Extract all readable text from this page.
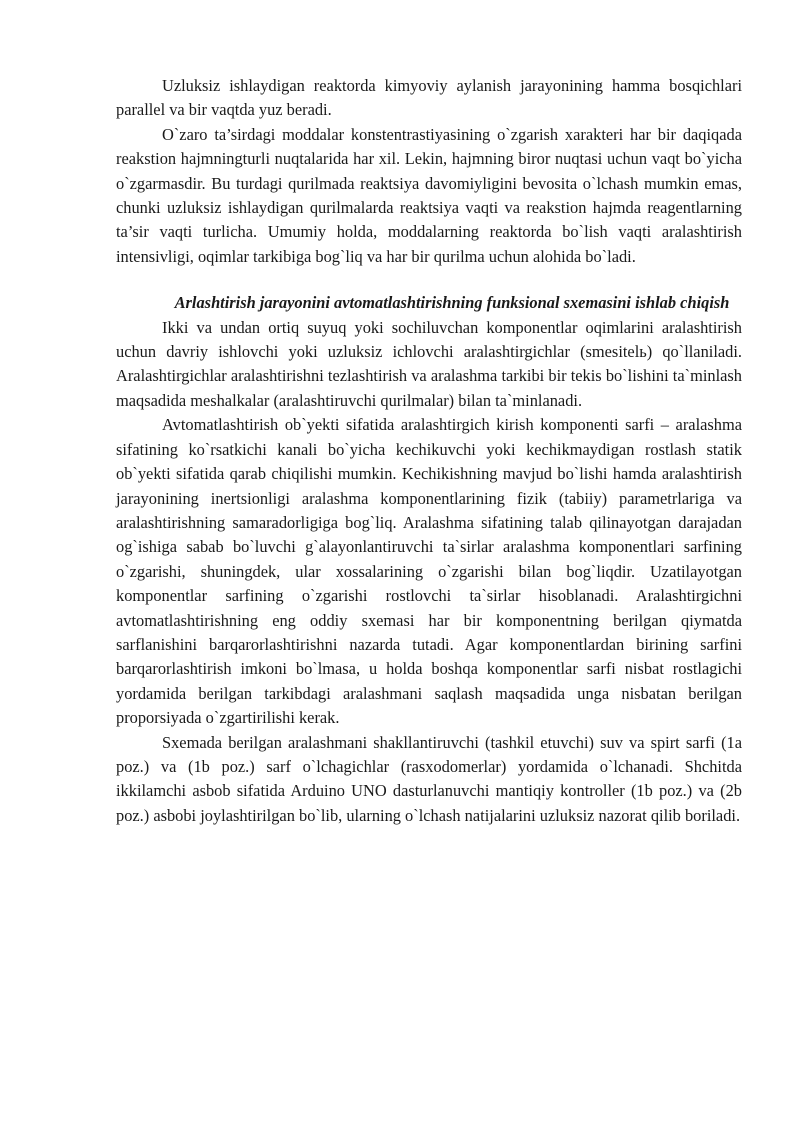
Uzluksiz ishlaydigan reaktorda kimyoviy aylanish jarayonining hamma bosqichlari parallel va bir vaqtda yuz beradi.

O`zaro ta’sirdagi moddalar konstentrastiyasining o`zgarish xarakteri har bir daqiqada reakstion hajmningturli nuqtalarida har xil. Lekin, hajmning biror nuqtasi uchun vaqt bo`yicha o`zgarmasdir. Bu turdagi qurilmada reaktsiya davomiyligini bevosita o`lchash mumkin emas, chunki uzluksiz ishlaydigan qurilmalarda reaktsiya vaqti va reakstion hajmda reagentlarning ta’sir vaqti turlicha. Umumiy holda, moddalarning reaktorda bo`lish vaqti aralashtirish intensivligi, oqimlar tarkibiga bog`liq va har bir qurilma uchun alohida bo`ladi.

Arlashtirish jarayonini avtomatlashtirishning funksional sxemasini ishlab chiqish

Ikki va undan ortiq suyuq yoki sochiluvchan komponentlar oqimlarini aralashtirish uchun davriy ishlovchi yoki uzluksiz ichlovchi aralashtirgichlar (smesitelь) qo`llaniladi. Aralashtirgichlar aralashtirishni tezlashtirish va aralashma tarkibi bir tekis bo`lishini ta`minlash maqsadida meshalkalar (aralashtiruvchi qurilmalar) bilan ta`minlanadi.

Avtomatlashtirish ob`yekti sifatida aralashtirgich kirish komponenti sarfi – aralashma sifatining ko`rsatkichi kanali bo`yicha kechikuvchi yoki kechikmaydigan rostlash statik ob`yekti sifatida qarab chiqilishi mumkin. Kechikishning mavjud bo`lishi hamda aralashtirish jarayonining inertsionligi aralashma komponentlarining fizik (tabiiy) parametrlariga va aralashtirishning samaradorligiga bog`liq. Aralashma sifatining talab qilinayotgan darajadan og`ishiga sabab bo`luvchi g`alayonlantiruvchi ta`sirlar aralashma komponentlari sarfining o`zgarishi, shuningdek, ular xossalarining o`zgarishi bilan bog`liqdir. Uzatilayotgan komponentlar sarfining o`zgarishi rostlovchi ta`sirlar hisoblanadi. Aralashtirgichni avtomatlashtirishning eng oddiy sxemasi har bir komponentning berilgan qiymatda sarflanishini barqarorlashtirishni nazarda tutadi. Agar komponentlardan birining sarfini barqarorlashtirish imkoni bo`lmasa, u holda boshqa komponentlar sarfi nisbat rostlagichi yordamida berilgan tarkibdagi aralashmani saqlash maqsadida unga nisbatan berilgan proporsiyada o`zgartirilishi kerak.

Sxemada berilgan aralashmani shakllantiruvchi (tashkil etuvchi) suv va spirt sarfi (1a poz.) va (1b poz.) sarf o`lchagichlar (rasxodomerlar) yordamida o`lchanadi. Shchitda ikkilamchi asbob sifatida Arduino UNO dasturlanuvchi mantiqiy kontroller (1b poz.) va (2b poz.) asbobi joylashtirilgan bo`lib, ularning o`lchash natijalarini uzluksiz nazorat qilib boriladi.
